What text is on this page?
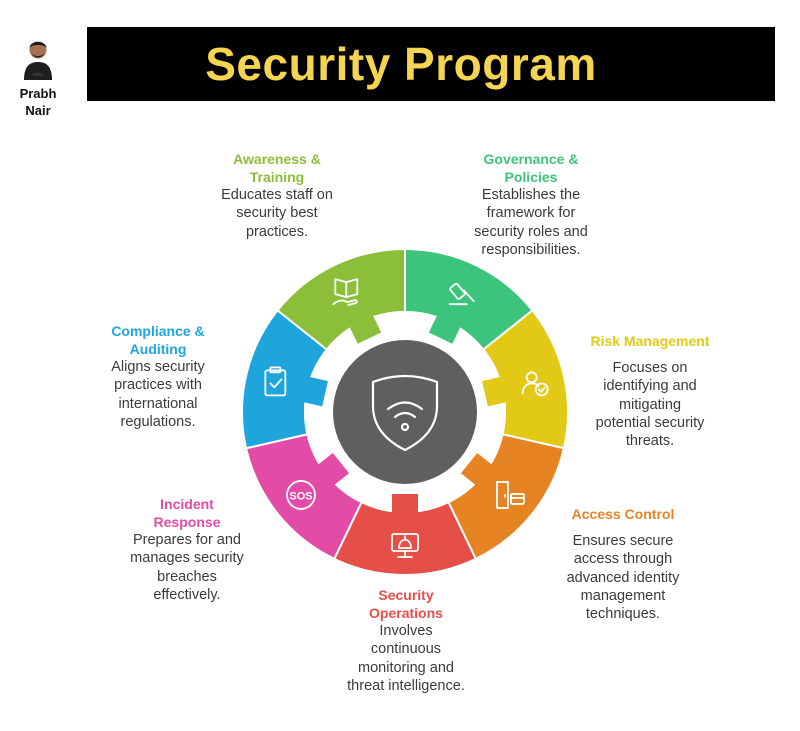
Prabh
Nair
Security Program
SOS
Governance &
Policies
Establishes the
framework for
security roles and
responsibilities.
Risk Management
Focuses on
identifying and
mitigating
potential security
threats.
Access Control
Ensures secure
access through
advanced identity
management
techniques.
Security
Operations
Involves
continuous
monitoring and
threat intelligence.
Incident
Response
Prepares for and
manages security
breaches
effectively.
Compliance &
Auditing
Aligns security
practices with
international
regulations.
Awareness &
Training
Educates staff on
security best
practices.
